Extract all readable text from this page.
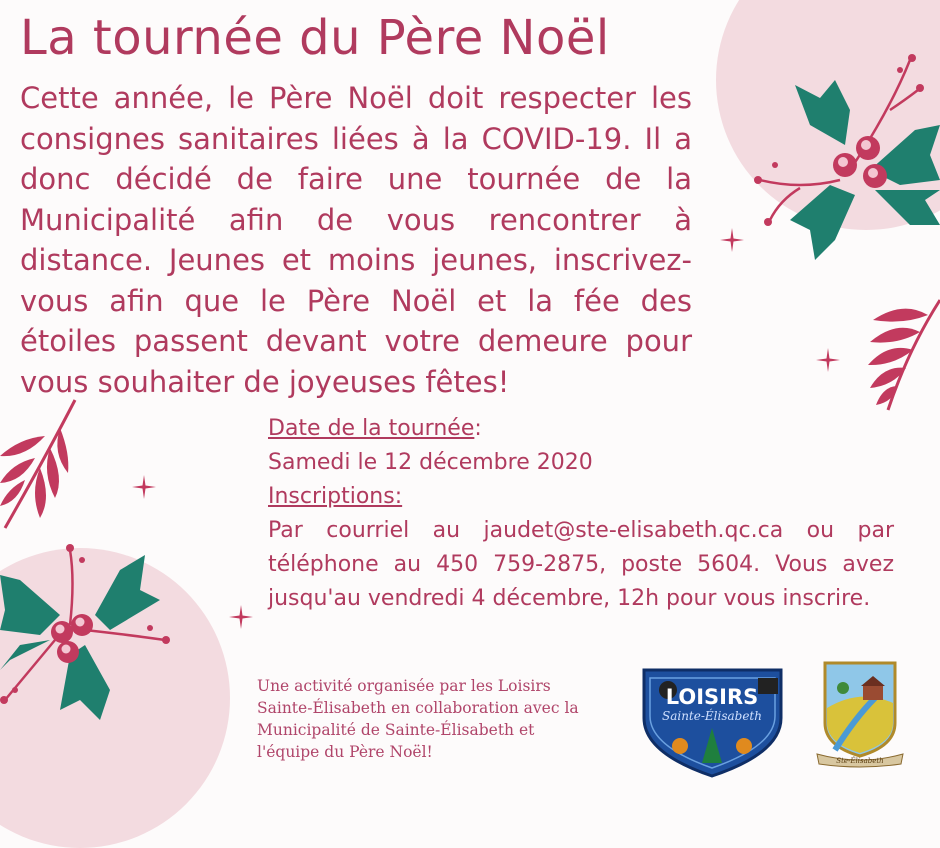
La tournée du Père Noël

Cette année, le Père Noël doit respecter les consignes sanitaires liées à la COVID-19. Il a donc décidé de faire une tournée de la Municipalité afin de vous rencontrer à distance. Jeunes et moins jeunes, inscrivez-vous afin que le Père Noël et la fée des étoiles passent devant votre demeure pour vous souhaiter de joyeuses fêtes!

Date de la tournée:
Samedi le 12 décembre 2020
Inscriptions:

Par courriel au jaudet@ste-elisabeth.qc.ca ou par téléphone au 450 759-2875, poste 5604. Vous avez jusqu'au vendredi 4 décembre, 12h pour vous inscrire.

Une activité organisée par les Loisirs Sainte-Élisabeth en collaboration avec la Municipalité de Sainte-Élisabeth et l'équipe du Père Noël!

LOISIRS
Sainte-Élisabeth
Ste-Élisabeth
